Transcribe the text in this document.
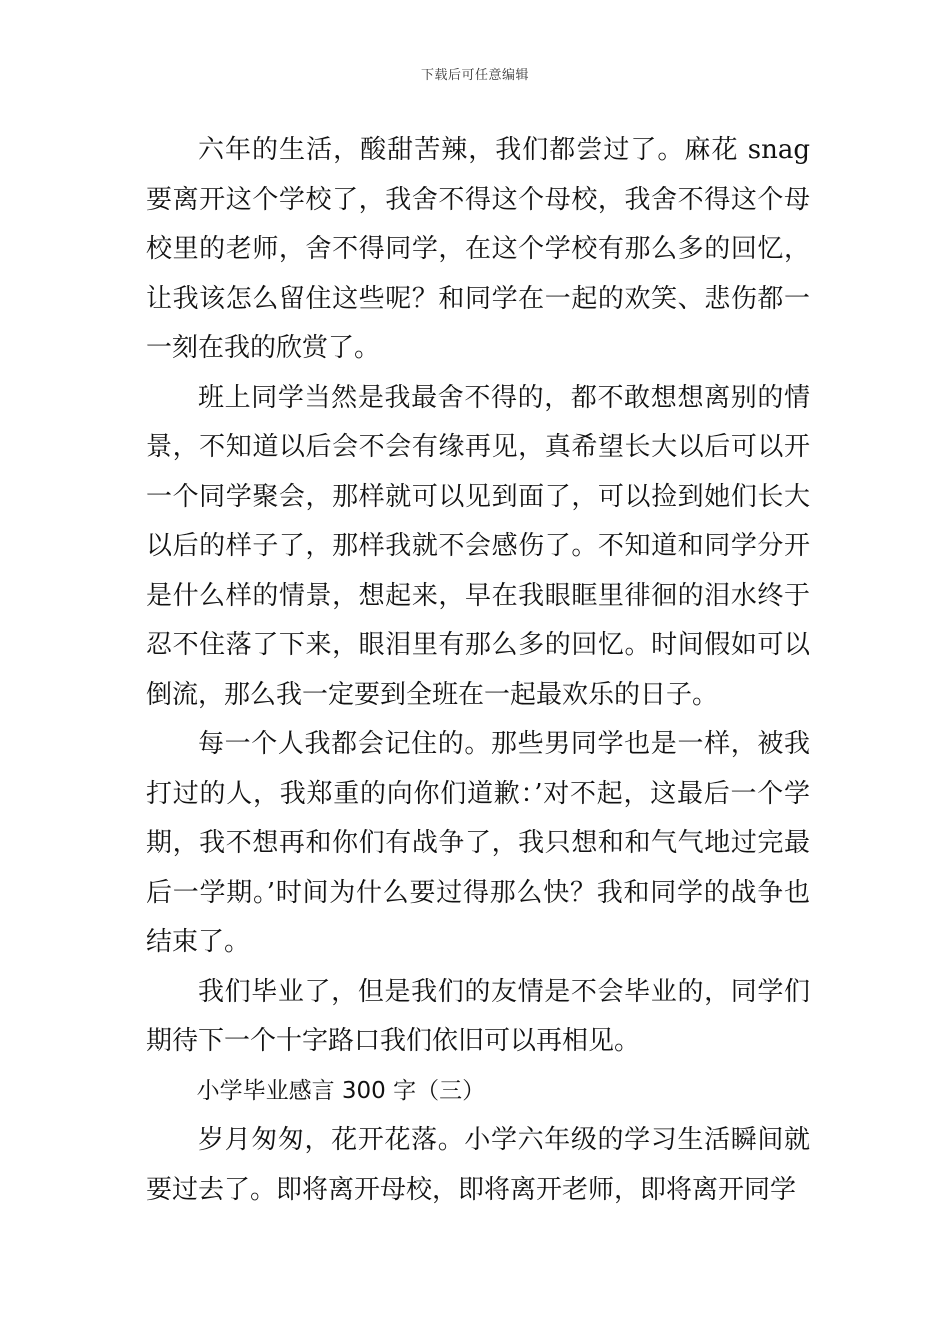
下载后可任意编辑

六年的生活，酸甜苦辣，我们都尝过了。麻花 snag 要离开这个学校了，我舍不得这个母校，我舍不得这个母校里的老师，舍不得同学，在这个学校有那么多的回忆，让我该怎么留住这些呢？和同学在一起的欢笑、悲伤都一一刻在我的欣赏了。

班上同学当然是我最舍不得的，都不敢想想离别的情景，不知道以后会不会有缘再见，真希望长大以后可以开一个同学聚会，那样就可以见到面了，可以捡到她们长大以后的样子了，那样我就不会感伤了。不知道和同学分开是什么样的情景，想起来，早在我眼眶里徘徊的泪水终于忍不住落了下来，眼泪里有那么多的回忆。时间假如可以倒流，那么我一定要到全班在一起最欢乐的日子。

每一个人我都会记住的。那些男同学也是一样，被我打过的人，我郑重的向你们道歉：’对不起，这最后一个学期，我不想再和你们有战争了，我只想和和气气地过完最后一学期。’时间为什么要过得那么快？我和同学的战争也结束了。

我们毕业了，但是我们的友情是不会毕业的，同学们期待下一个十字路口我们依旧可以再相见。

小学毕业感言 300 字（三）

岁月匆匆，花开花落。小学六年级的学习生活瞬间就要过去了。即将离开母校，即将离开老师，即将离开同学
